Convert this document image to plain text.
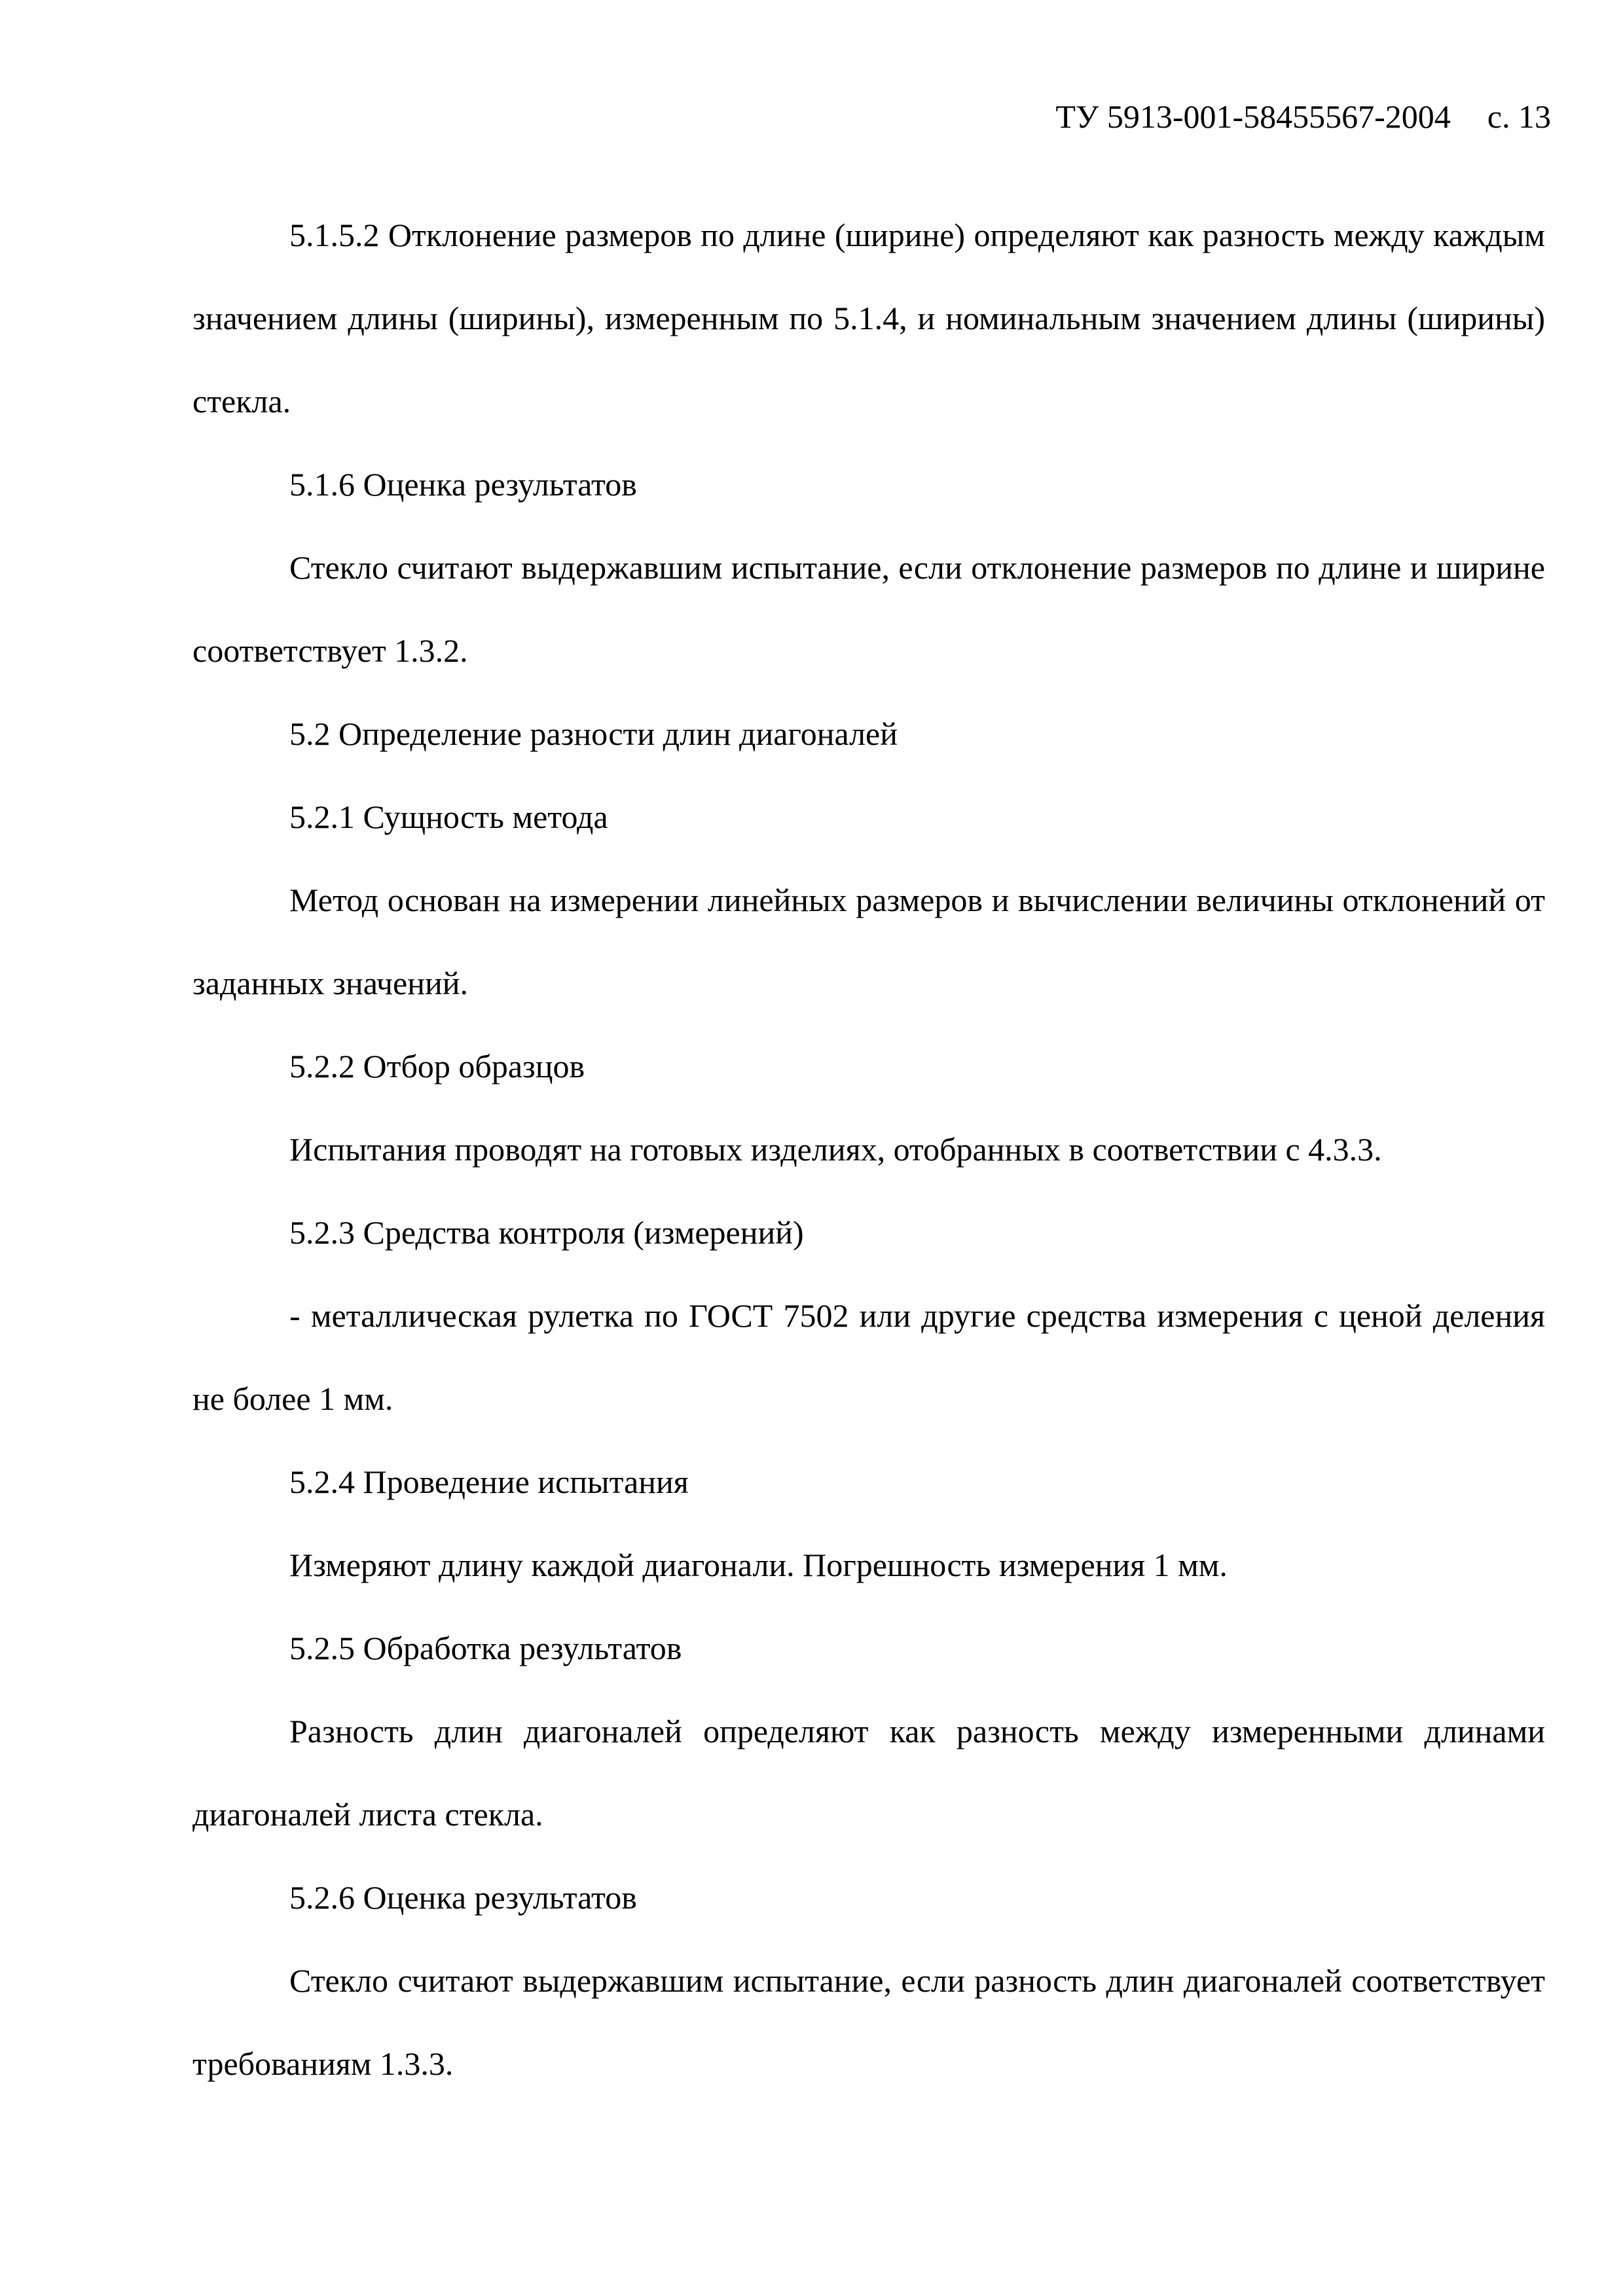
ТУ 5913-001-58455567-2004 с. 13

5.1.5.2 Отклонение размеров по длине (ширине) определяют как разность между каждым значением длины (ширины), измеренным по 5.1.4, и номинальным значением длины (ширины) стекла.

5.1.6 Оценка результатов

Стекло считают выдержавшим испытание, если отклонение размеров по длине и ширине соответствует 1.3.2.

5.2 Определение разности длин диагоналей

5.2.1 Сущность метода

Метод основан на измерении линейных размеров и вычислении величины отклонений от заданных значений.

5.2.2 Отбор образцов

Испытания проводят на готовых изделиях, отобранных в соответствии с 4.3.3.

5.2.3 Средства контроля (измерений)

- металлическая рулетка по ГОСТ 7502 или другие средства измерения с ценой деления не более 1 мм.

5.2.4 Проведение испытания

Измеряют длину каждой диагонали. Погрешность измерения 1 мм.

5.2.5 Обработка результатов

Разность длин диагоналей определяют как разность между измеренными длинами диагоналей листа стекла.

5.2.6 Оценка результатов

Стекло считают выдержавшим испытание, если разность длин диагоналей соответствует требованиям 1.3.3.
